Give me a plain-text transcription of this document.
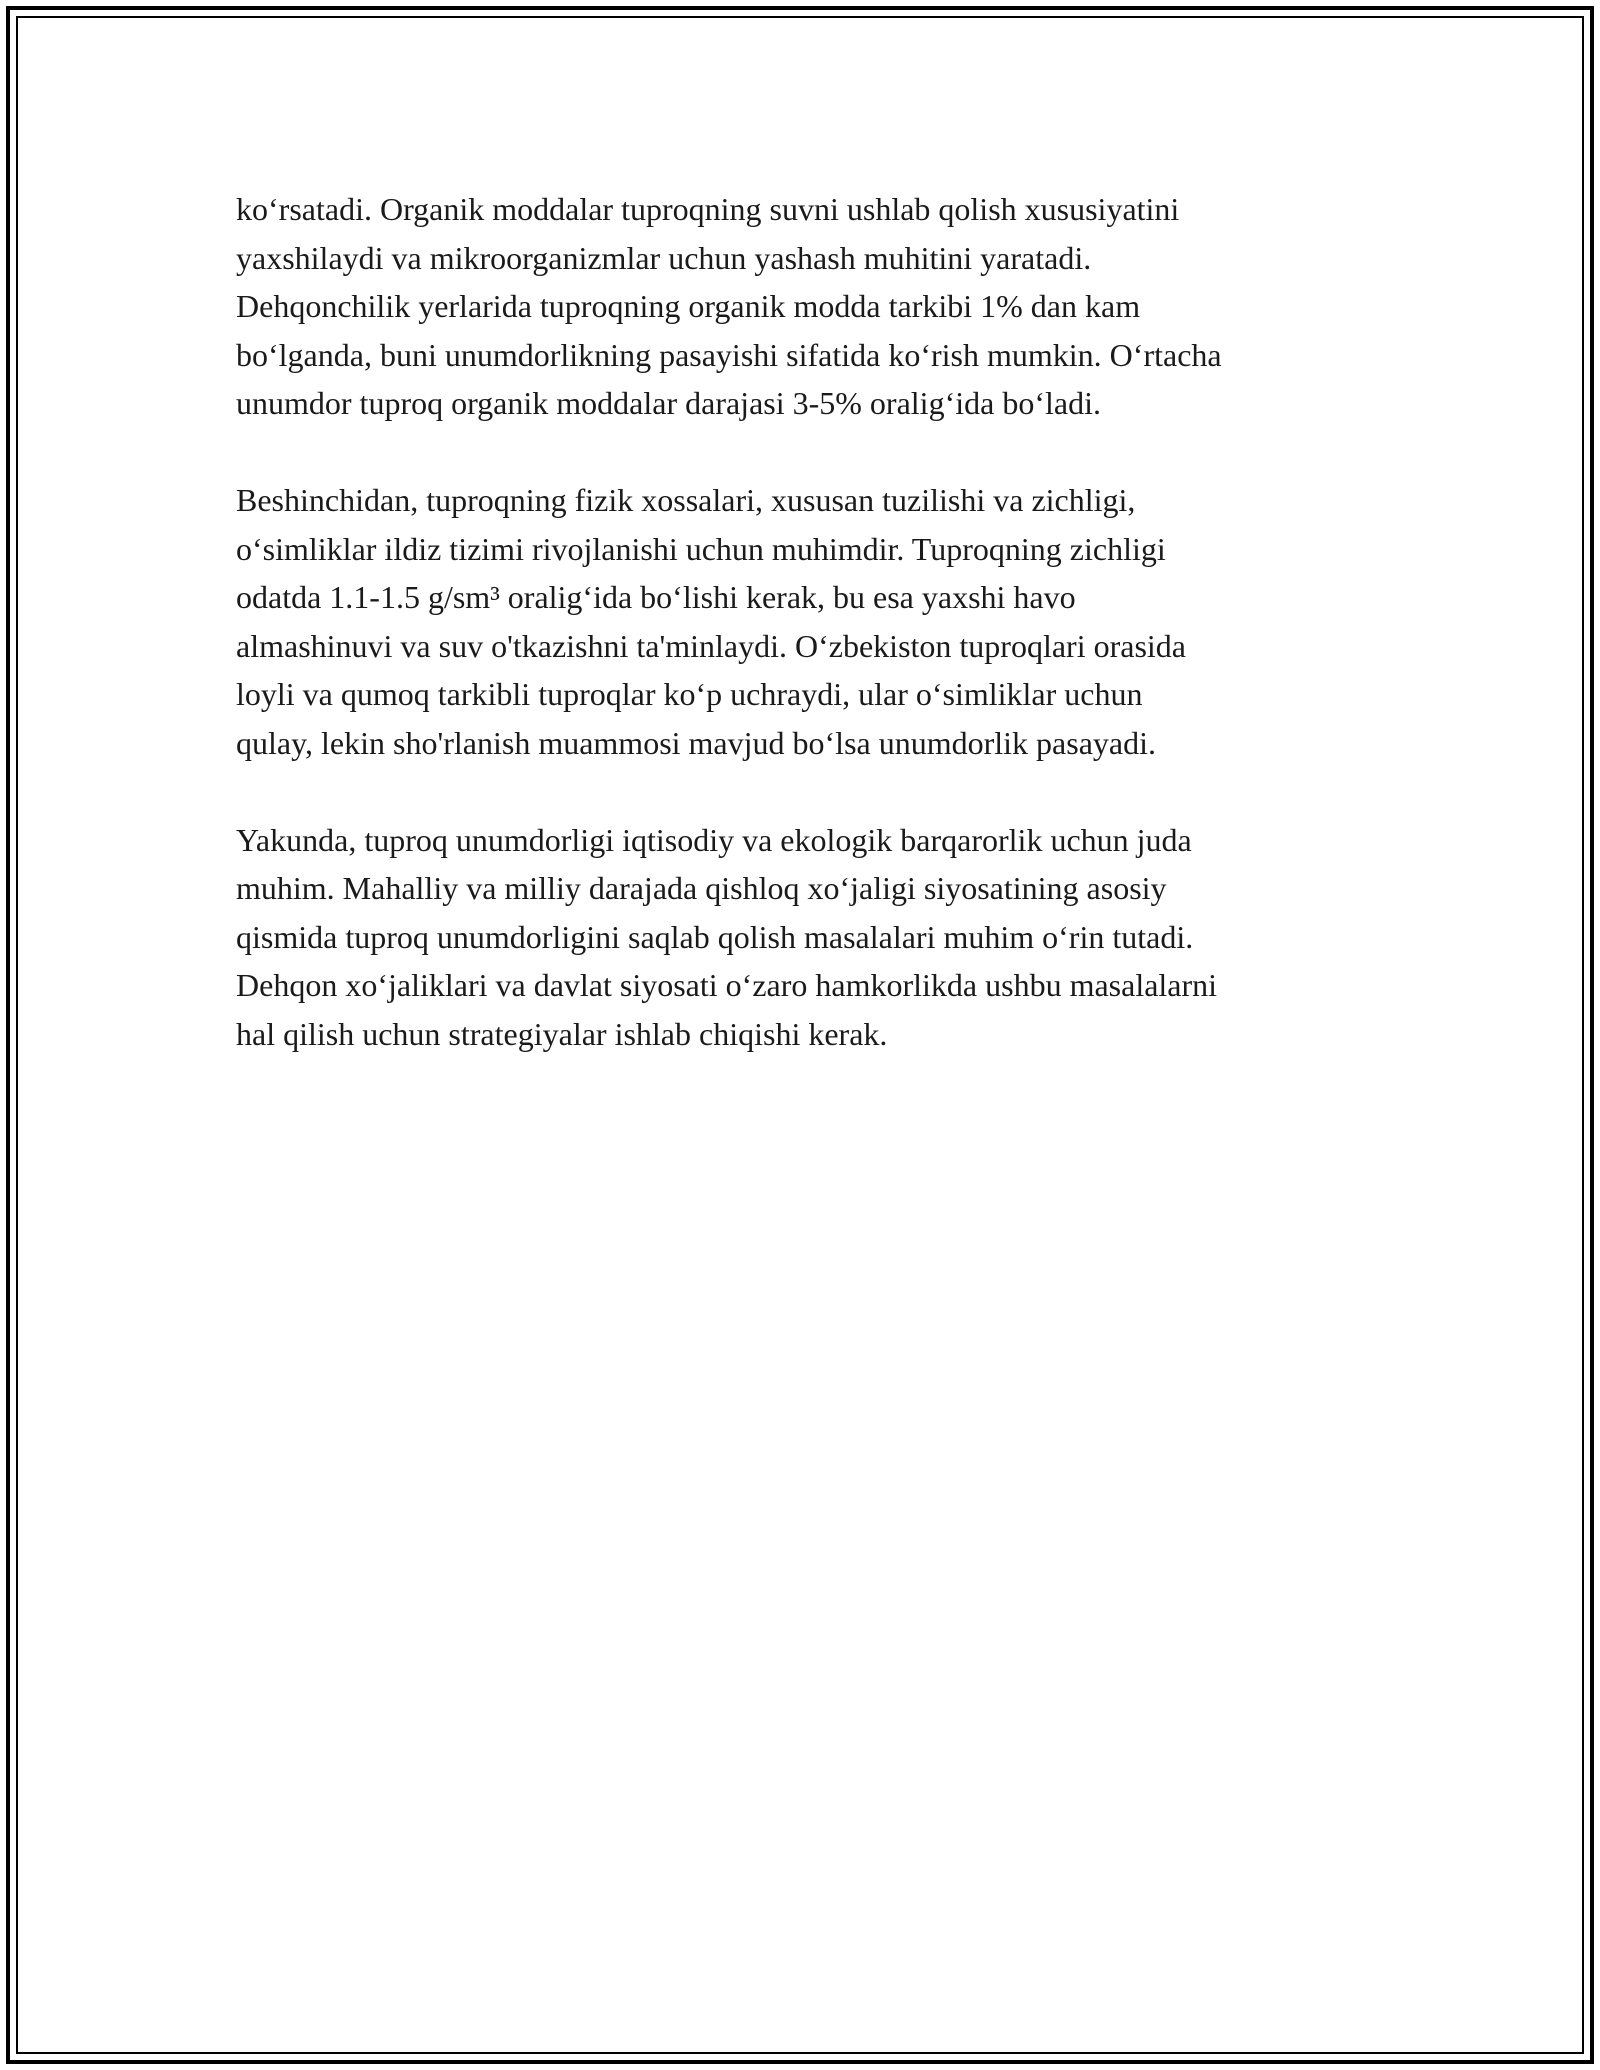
ko‘rsatadi. Organik moddalar tuproqning suvni ushlab qolish xususiyatini
yaxshilaydi va mikroorganizmlar uchun yashash muhitini yaratadi.
Dehqonchilik yerlarida tuproqning organik modda tarkibi 1% dan kam
bo‘lganda, buni unumdorlikning pasayishi sifatida ko‘rish mumkin. O‘rtacha
unumdor tuproq organik moddalar darajasi 3-5% oralig‘ida bo‘ladi.

Beshinchidan, tuproqning fizik xossalari, xususan tuzilishi va zichligi,
o‘simliklar ildiz tizimi rivojlanishi uchun muhimdir. Tuproqning zichligi
odatda 1.1-1.5 g/sm³ oralig‘ida bo‘lishi kerak, bu esa yaxshi havo
almashinuvi va suv o'tkazishni ta'minlaydi. O‘zbekiston tuproqlari orasida
loyli va qumoq tarkibli tuproqlar ko‘p uchraydi, ular o‘simliklar uchun
qulay, lekin sho'rlanish muammosi mavjud bo‘lsa unumdorlik pasayadi.

Yakunda, tuproq unumdorligi iqtisodiy va ekologik barqarorlik uchun juda
muhim. Mahalliy va milliy darajada qishloq xo‘jaligi siyosatining asosiy
qismida tuproq unumdorligini saqlab qolish masalalari muhim o‘rin tutadi.
Dehqon xo‘jaliklari va davlat siyosati o‘zaro hamkorlikda ushbu masalalarni
hal qilish uchun strategiyalar ishlab chiqishi kerak.
